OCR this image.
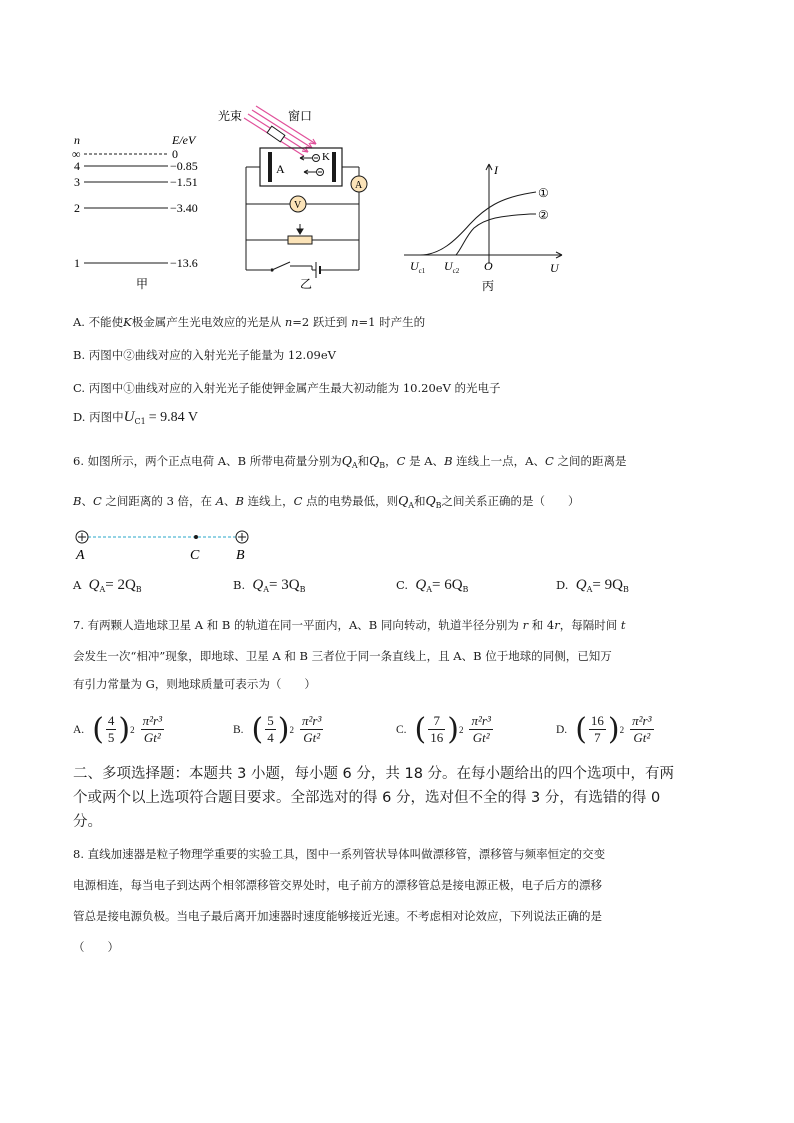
n	E/eV
∞	0
4	−0.85
3	−1.51
2	−3.40
1	−13.6
甲
光束	窗口
A
K
A
V
乙
I
U
O
$U_{c1}$ $U_{c2}$
①
②
丙
A. 不能使K极金属产生光电效应的光是从 n=2 跃迁到 n=1 时产生的
B. 丙图中②曲线对应的入射光光子能量为 12.09eV
C. 丙图中①曲线对应的入射光光子能使钾金属产生最大初动能为 10.20eV 的光电子
D. 丙图中$U_{C1} = 9.84$ V
6. 如图所示，两个正点电荷 A、B 所带电荷量分别为$Q_A$和$Q_B$，C 是 A、B 连线上一点，A、C 之间的距离是
B、C 之间距离的 3 倍，在 A、B 连线上，C 点的电势最低，则$Q_A$和$Q_B$之间关系正确的是（　　）
A	C	B
A $Q_A= 2Q_B$	B. $Q_A= 3Q_B$	C. $Q_A= 6Q_B$	D. $Q_A= 9Q_B$
7. 有两颗人造地球卫星 A 和 B 的轨道在同一平面内，A、B 同向转动，轨道半径分别为 r 和 4r，每隔时间 t
会发生一次“相冲”现象，即地球、卫星 A 和 B 三者位于同一条直线上，且 A、B 位于地球的同侧，已知万
有引力常量为 G，则地球质量可表示为（　　）
A. ( $\frac{4}{5}$ ) $2 \frac{\text{π²r³}}{\text{Gt²}}$	B. ( $\frac{5}{4}$ ) $2 \frac{\text{π²r³}}{\text{Gt²}}$	C. ( $\frac{7}{16}$ ) $2 \frac{\text{π²r³}}{\text{Gt²}}$	D. ( $\frac{16}{7}$ ) $2 \frac{\text{π²r³}}{\text{Gt²}}$
二、多项选择题：本题共 3 小题，每小题 6 分，共 18 分。在每小题给出的四个选项中，有两
个或两个以上选项符合题目要求。全部选对的得 6 分，选对但不全的得 3 分，有选错的得 0
分。
8. 直线加速器是粒子物理学重要的实验工具，图中一系列管状导体叫做漂移管，漂移管与频率恒定的交变
电源相连，每当电子到达两个相邻漂移管交界处时，电子前方的漂移管总是接电源正极，电子后方的漂移
管总是接电源负极。当电子最后离开加速器时速度能够接近光速。不考虑相对论效应，下列说法正确的是
（　　）
